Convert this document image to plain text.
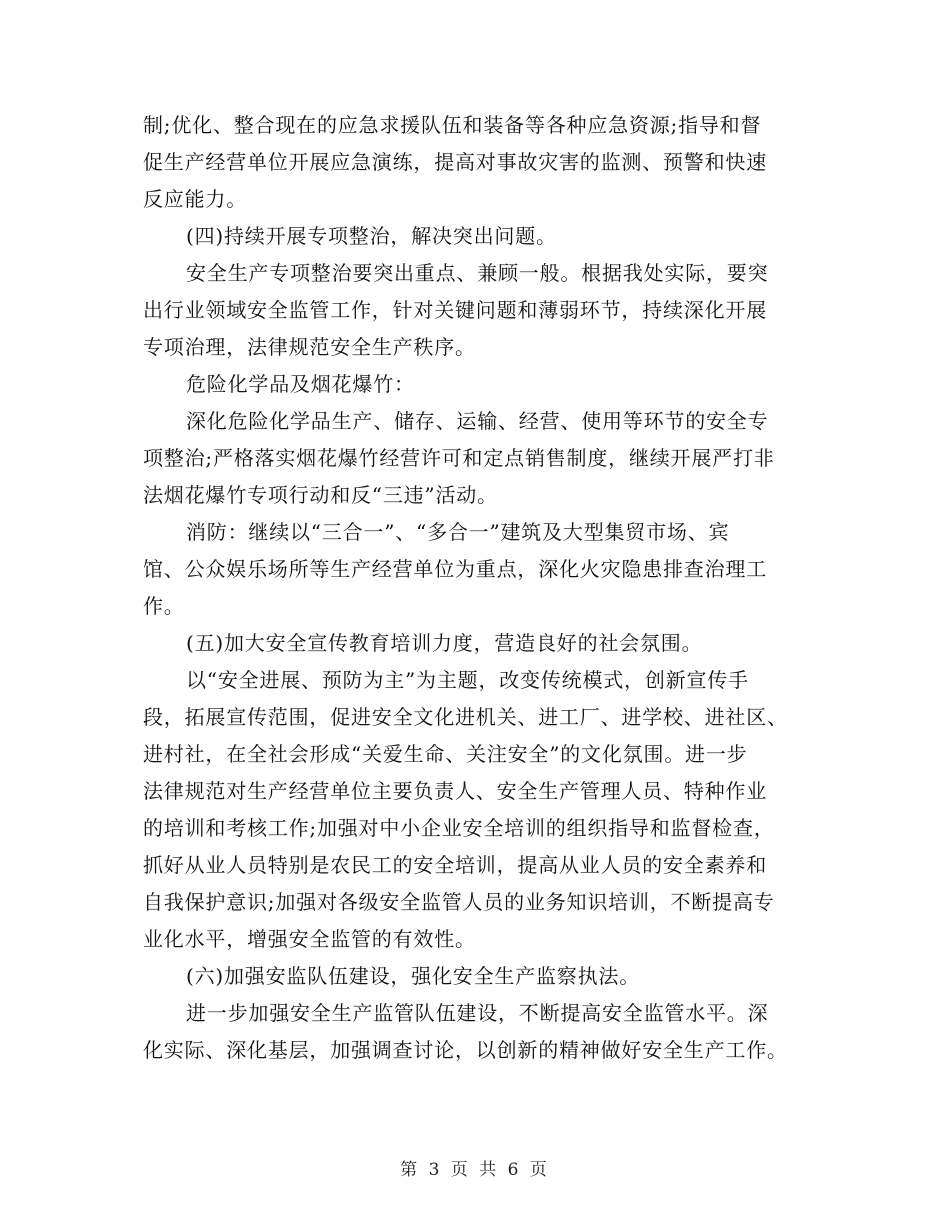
制;优化、整合现在的应急求援队伍和装备等各种应急资源;指导和督
促生产经营单位开展应急演练，提高对事故灾害的监测、预警和快速
反应能力。
(四)持续开展专项整治，解决突出问题。
安全生产专项整治要突出重点、兼顾一般。根据我处实际，要突
出行业领域安全监管工作，针对关键问题和薄弱环节，持续深化开展
专项治理，法律规范安全生产秩序。
危险化学品及烟花爆竹：
深化危险化学品生产、储存、运输、经营、使用等环节的安全专
项整治;严格落实烟花爆竹经营许可和定点销售制度，继续开展严打非
法烟花爆竹专项行动和反“三违”活动。
消防：继续以“三合一”、“多合一”建筑及大型集贸市场、宾
馆、公众娱乐场所等生产经营单位为重点，深化火灾隐患排查治理工
作。
(五)加大安全宣传教育培训力度，营造良好的社会氛围。
以“安全进展、预防为主”为主题，改变传统模式，创新宣传手
段，拓展宣传范围，促进安全文化进机关、进工厂、进学校、进社区、
进村社，在全社会形成“关爱生命、关注安全”的文化氛围。进一步
法律规范对生产经营单位主要负责人、安全生产管理人员、特种作业
的培训和考核工作;加强对中小企业安全培训的组织指导和监督检查，
抓好从业人员特别是农民工的安全培训，提高从业人员的安全素养和
自我保护意识;加强对各级安全监管人员的业务知识培训，不断提高专
业化水平，增强安全监管的有效性。
(六)加强安监队伍建设，强化安全生产监察执法。
进一步加强安全生产监管队伍建设，不断提高安全监管水平。深
化实际、深化基层，加强调查讨论，以创新的精神做好安全生产工作。
第 3 页 共 6 页
